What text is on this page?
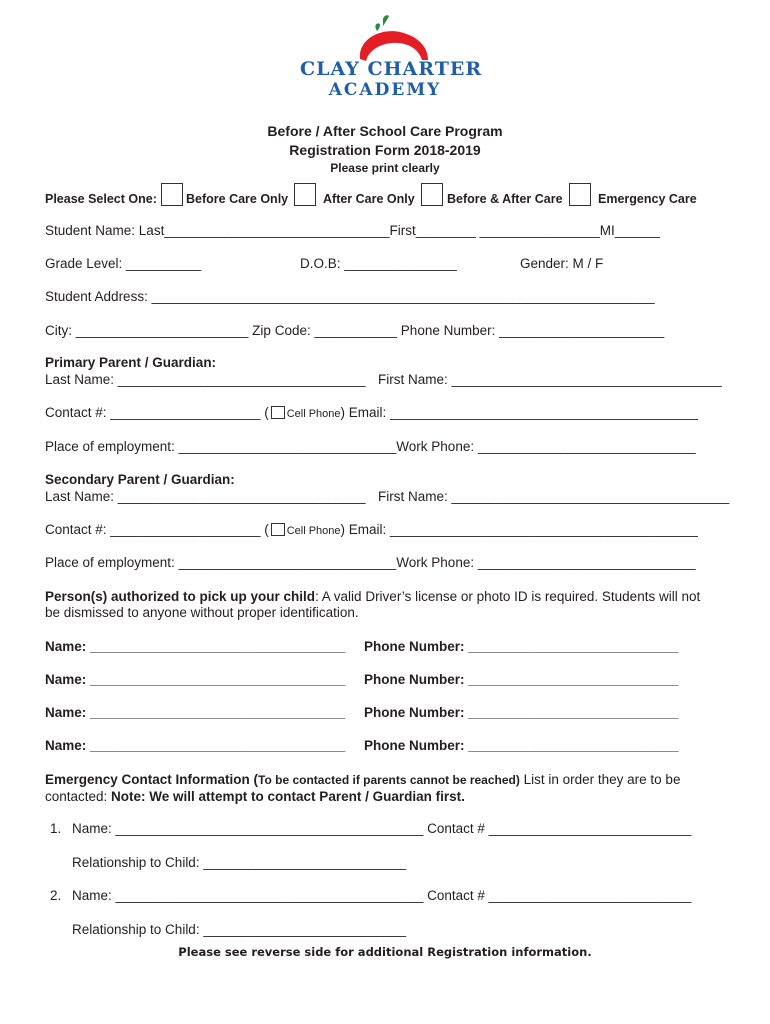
CLAY CHARTER
ACADEMY
Before / After School Care Program
Registration Form 2018-2019
Please print clearly
Please Select One: Before Care Only	After Care Only	Before & After Care	Emergency Care
Student Name: Last______________________________First________ ________________MI______
Grade Level: __________	D.O.B: _______________	Gender: M / F
Student Address: ___________________________________________________________________
City: _______________________ Zip Code: ___________ Phone Number: ______________________
Primary Parent / Guardian:
Last Name: _________________________________ First Name: ____________________________________
Contact #: ____________________ ( Cell Phone) Email: _________________________________________
Place of employment: _____________________________Work Phone: _____________________________
Secondary Parent / Guardian:
Last Name: _________________________________ First Name: _____________________________________
Contact #: ____________________ ( Cell Phone) Email: _________________________________________
Place of employment: _____________________________Work Phone: _____________________________
Person(s) authorized to pick up your child: A valid Driver’s license or photo ID is required. Students will not
be dismissed to anyone without proper identification.
Name: __________________________________ Phone Number: ____________________________
Name: __________________________________ Phone Number: ____________________________
Name: __________________________________ Phone Number: ____________________________
Name: __________________________________ Phone Number: ____________________________
Emergency Contact Information (To be contacted if parents cannot be reached) List in order they are to be
contacted: Note: We will attempt to contact Parent / Guardian first.
1. Name: _________________________________________ Contact # ___________________________
Relationship to Child: ___________________________
2. Name: _________________________________________ Contact # ___________________________
Relationship to Child: ___________________________
Please see reverse side for additional Registration information.
